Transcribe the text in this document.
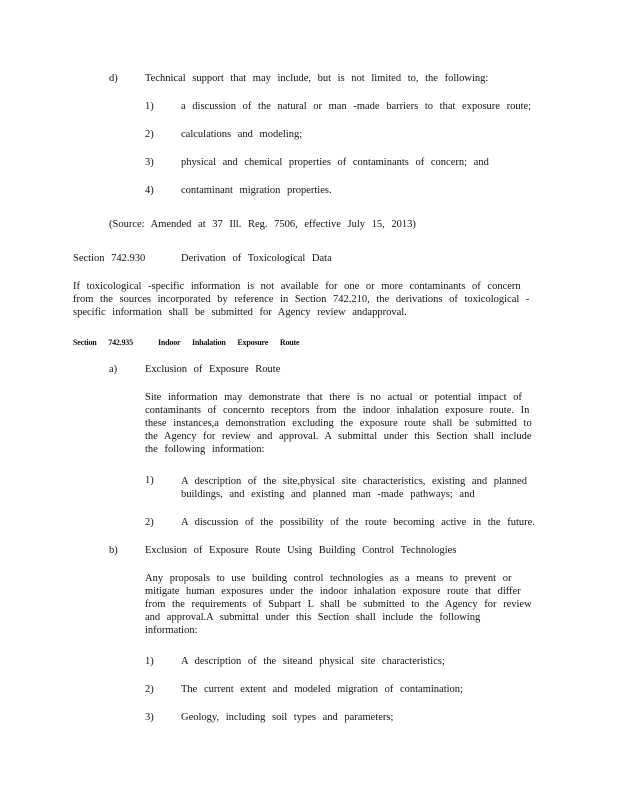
d)	Technical support that may include, but is not limited to, the following:
1)	a discussion of the natural or man -made barriers to that exposure route;
2)	calculations and modeling;
3)	physical and chemical properties of contaminants of concern; and
4)	contaminant migration properties.
(Source: Amended at 37 Ill. Reg. 7506, effective July 15, 2013)
Section 742.930	Derivation of Toxicological Data
If toxicological -specific information is not available for one or more contaminants of concern from the sources incorporated by reference in Section 742.210, the derivations of toxicological -specific information shall be submitted for Agency review andapproval.
Section 742.935	Indoor Inhalation Exposure Route
a)	Exclusion of Exposure Route
Site information may demonstrate that there is no actual or potential impact of contaminants of concernto receptors from the indoor inhalation exposure route. In these instances,a demonstration excluding the exposure route shall be submitted to the Agency for review and approval. A submittal under this Section shall include the following information:
1)	A description of the site,physical site characteristics, existing and planned buildings, and existing and planned man -made pathways; and
2)	A discussion of the possibility of the route becoming active in the future.
b)	Exclusion of Exposure Route Using Building Control Technologies
Any proposals to use building control technologies as a means to prevent or mitigate human exposures under the indoor inhalation exposure route that differ from the requirements of Subpart L shall be submitted to the Agency for review and approval.A submittal under this Section shall include the following information:
1)	A description of the siteand physical site characteristics;
2)	The current extent and modeled migration of contamination;
3)	Geology, including soil types and parameters;
